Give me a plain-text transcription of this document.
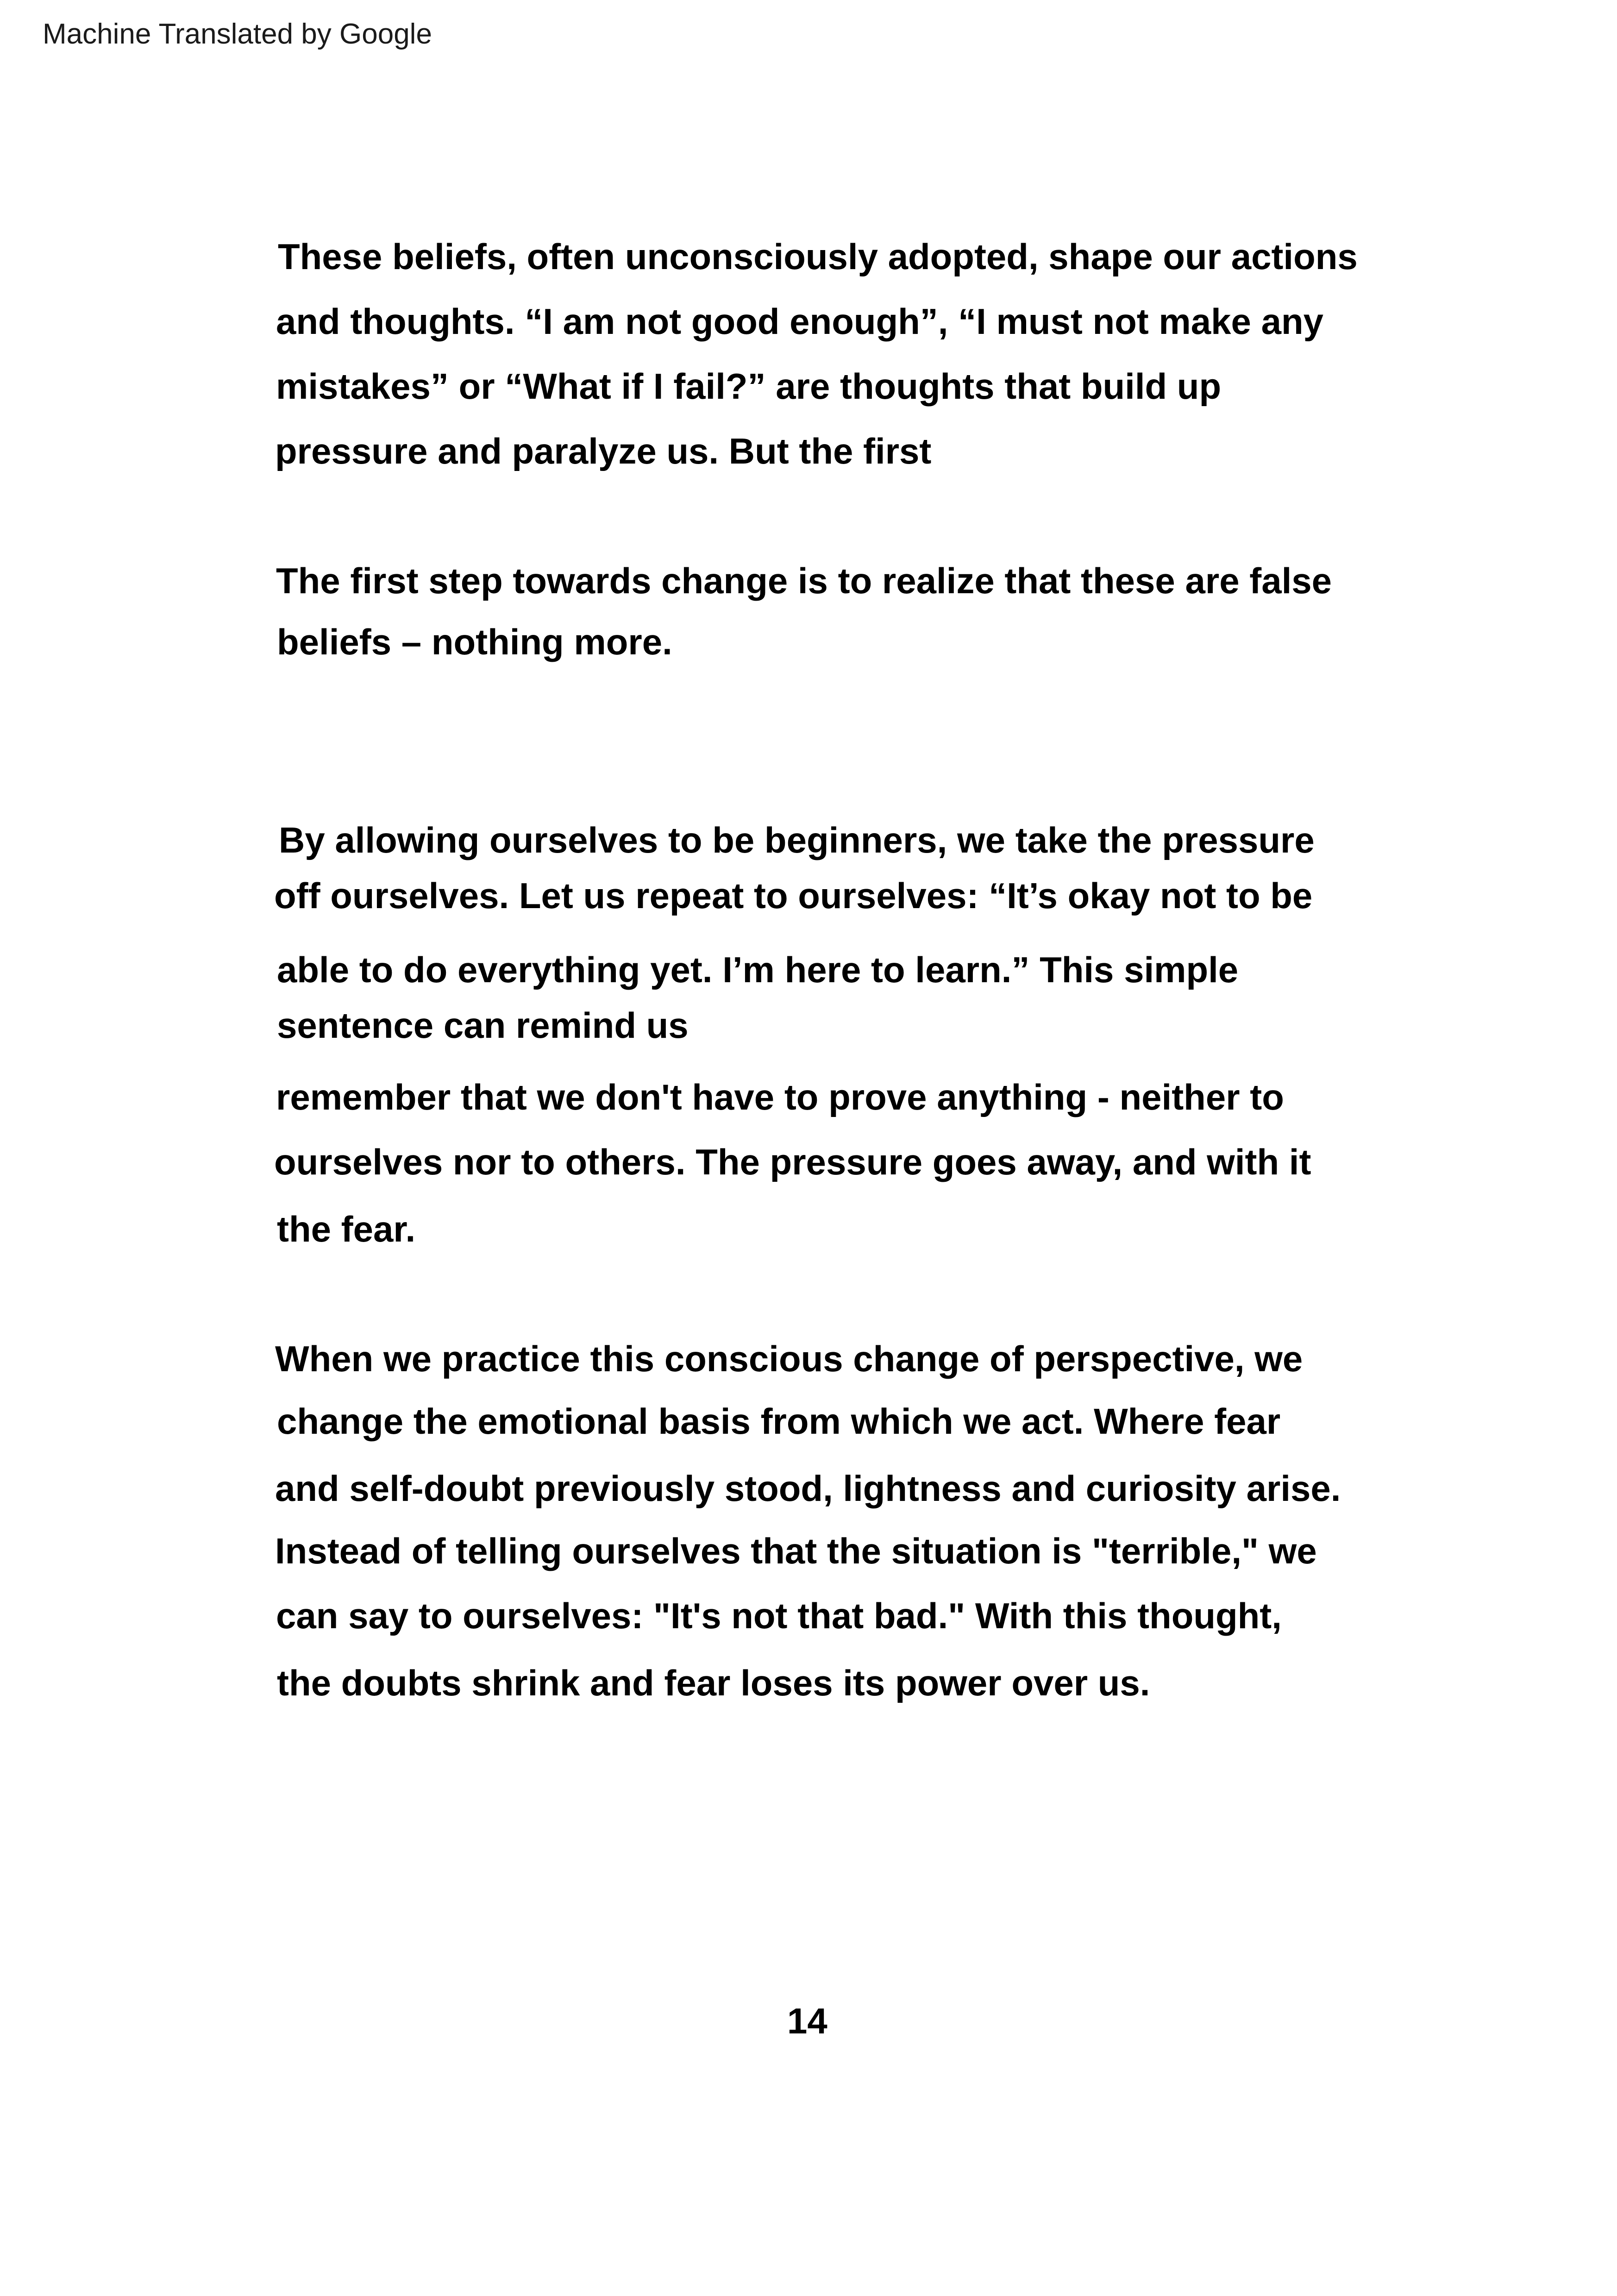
Machine Translated by Google
These beliefs, often unconsciously adopted, shape our actions
and thoughts. “I am not good enough”, “I must not make any
mistakes” or “What if I fail?” are thoughts that build up
pressure and paralyze us. But the first
The first step towards change is to realize that these are false
beliefs – nothing more.
By allowing ourselves to be beginners, we take the pressure
off ourselves. Let us repeat to ourselves: “It’s okay not to be
able to do everything yet. I’m here to learn.” This simple
sentence can remind us
remember that we don't have to prove anything - neither to
ourselves nor to others. The pressure goes away, and with it
the fear.
When we practice this conscious change of perspective, we
change the emotional basis from which we act. Where fear
and self-doubt previously stood, lightness and curiosity arise.
Instead of telling ourselves that the situation is "terrible," we
can say to ourselves: "It's not that bad." With this thought,
the doubts shrink and fear loses its power over us.
14
